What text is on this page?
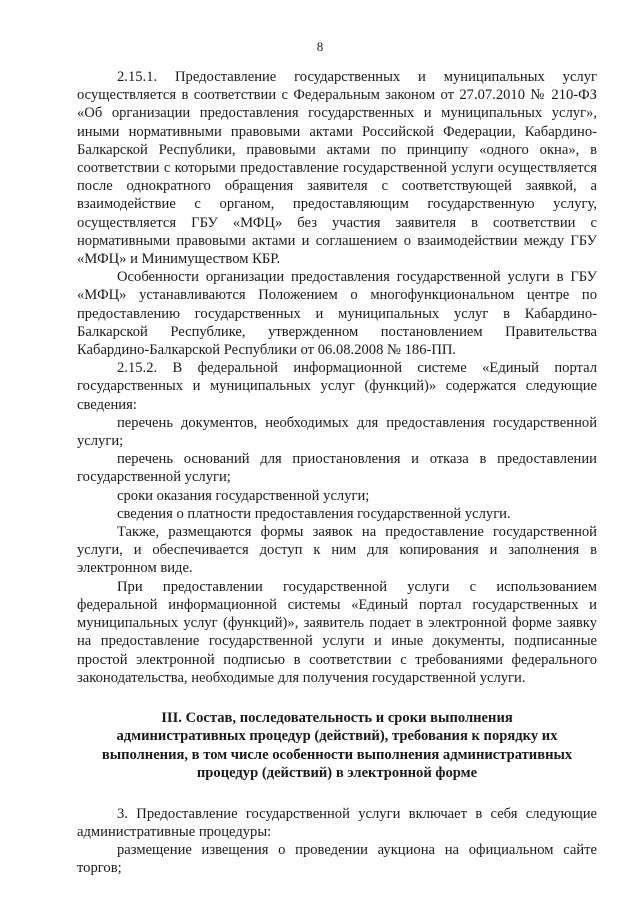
8

2.15.1. Предоставление государственных и муниципальных услуг осуществляется в соответствии с Федеральным законом от 27.07.2010 № 210-ФЗ «Об организации предоставления государственных и муниципальных услуг», иными нормативными правовыми актами Российской Федерации, Кабардино-Балкарской Республики, правовыми актами по принципу «одного окна», в соответствии с которыми предоставление государственной услуги осуществляется после однократного обращения заявителя с соответствующей заявкой, а взаимодействие с органом, предоставляющим государственную услугу, осуществляется ГБУ «МФЦ» без участия заявителя в соответствии с нормативными правовыми актами и соглашением о взаимодействии между ГБУ «МФЦ» и Минимуществом КБР.

Особенности организации предоставления государственной услуги в ГБУ «МФЦ» устанавливаются Положением о многофункциональном центре по предоставлению государственных и муниципальных услуг в Кабардино-Балкарской Республике, утвержденном постановлением Правительства Кабардино-Балкарской Республики от 06.08.2008 № 186-ПП.

2.15.2. В федеральной информационной системе «Единый портал государственных и муниципальных услуг (функций)» содержатся следующие сведения:

перечень документов, необходимых для предоставления государственной услуги;

перечень оснований для приостановления и отказа в предоставлении государственной услуги;

сроки оказания государственной услуги;

сведения о платности предоставления государственной услуги.

Также, размещаются формы заявок на предоставление государственной услуги, и обеспечивается доступ к ним для копирования и заполнения в электронном виде.

При предоставлении государственной услуги с использованием федеральной информационной системы «Единый портал государственных и муниципальных услуг (функций)», заявитель подает в электронной форме заявку на предоставление государственной услуги и иные документы, подписанные простой электронной подписью в соответствии с требованиями федерального законодательства, необходимые для получения государственной услуги.

III. Состав, последовательность и сроки выполнения административных процедур (действий), требования к порядку их выполнения, в том числе особенности выполнения административных процедур (действий) в электронной форме

3. Предоставление государственной услуги включает в себя следующие административные процедуры:

размещение извещения о проведении аукциона на официальном сайте торгов;
